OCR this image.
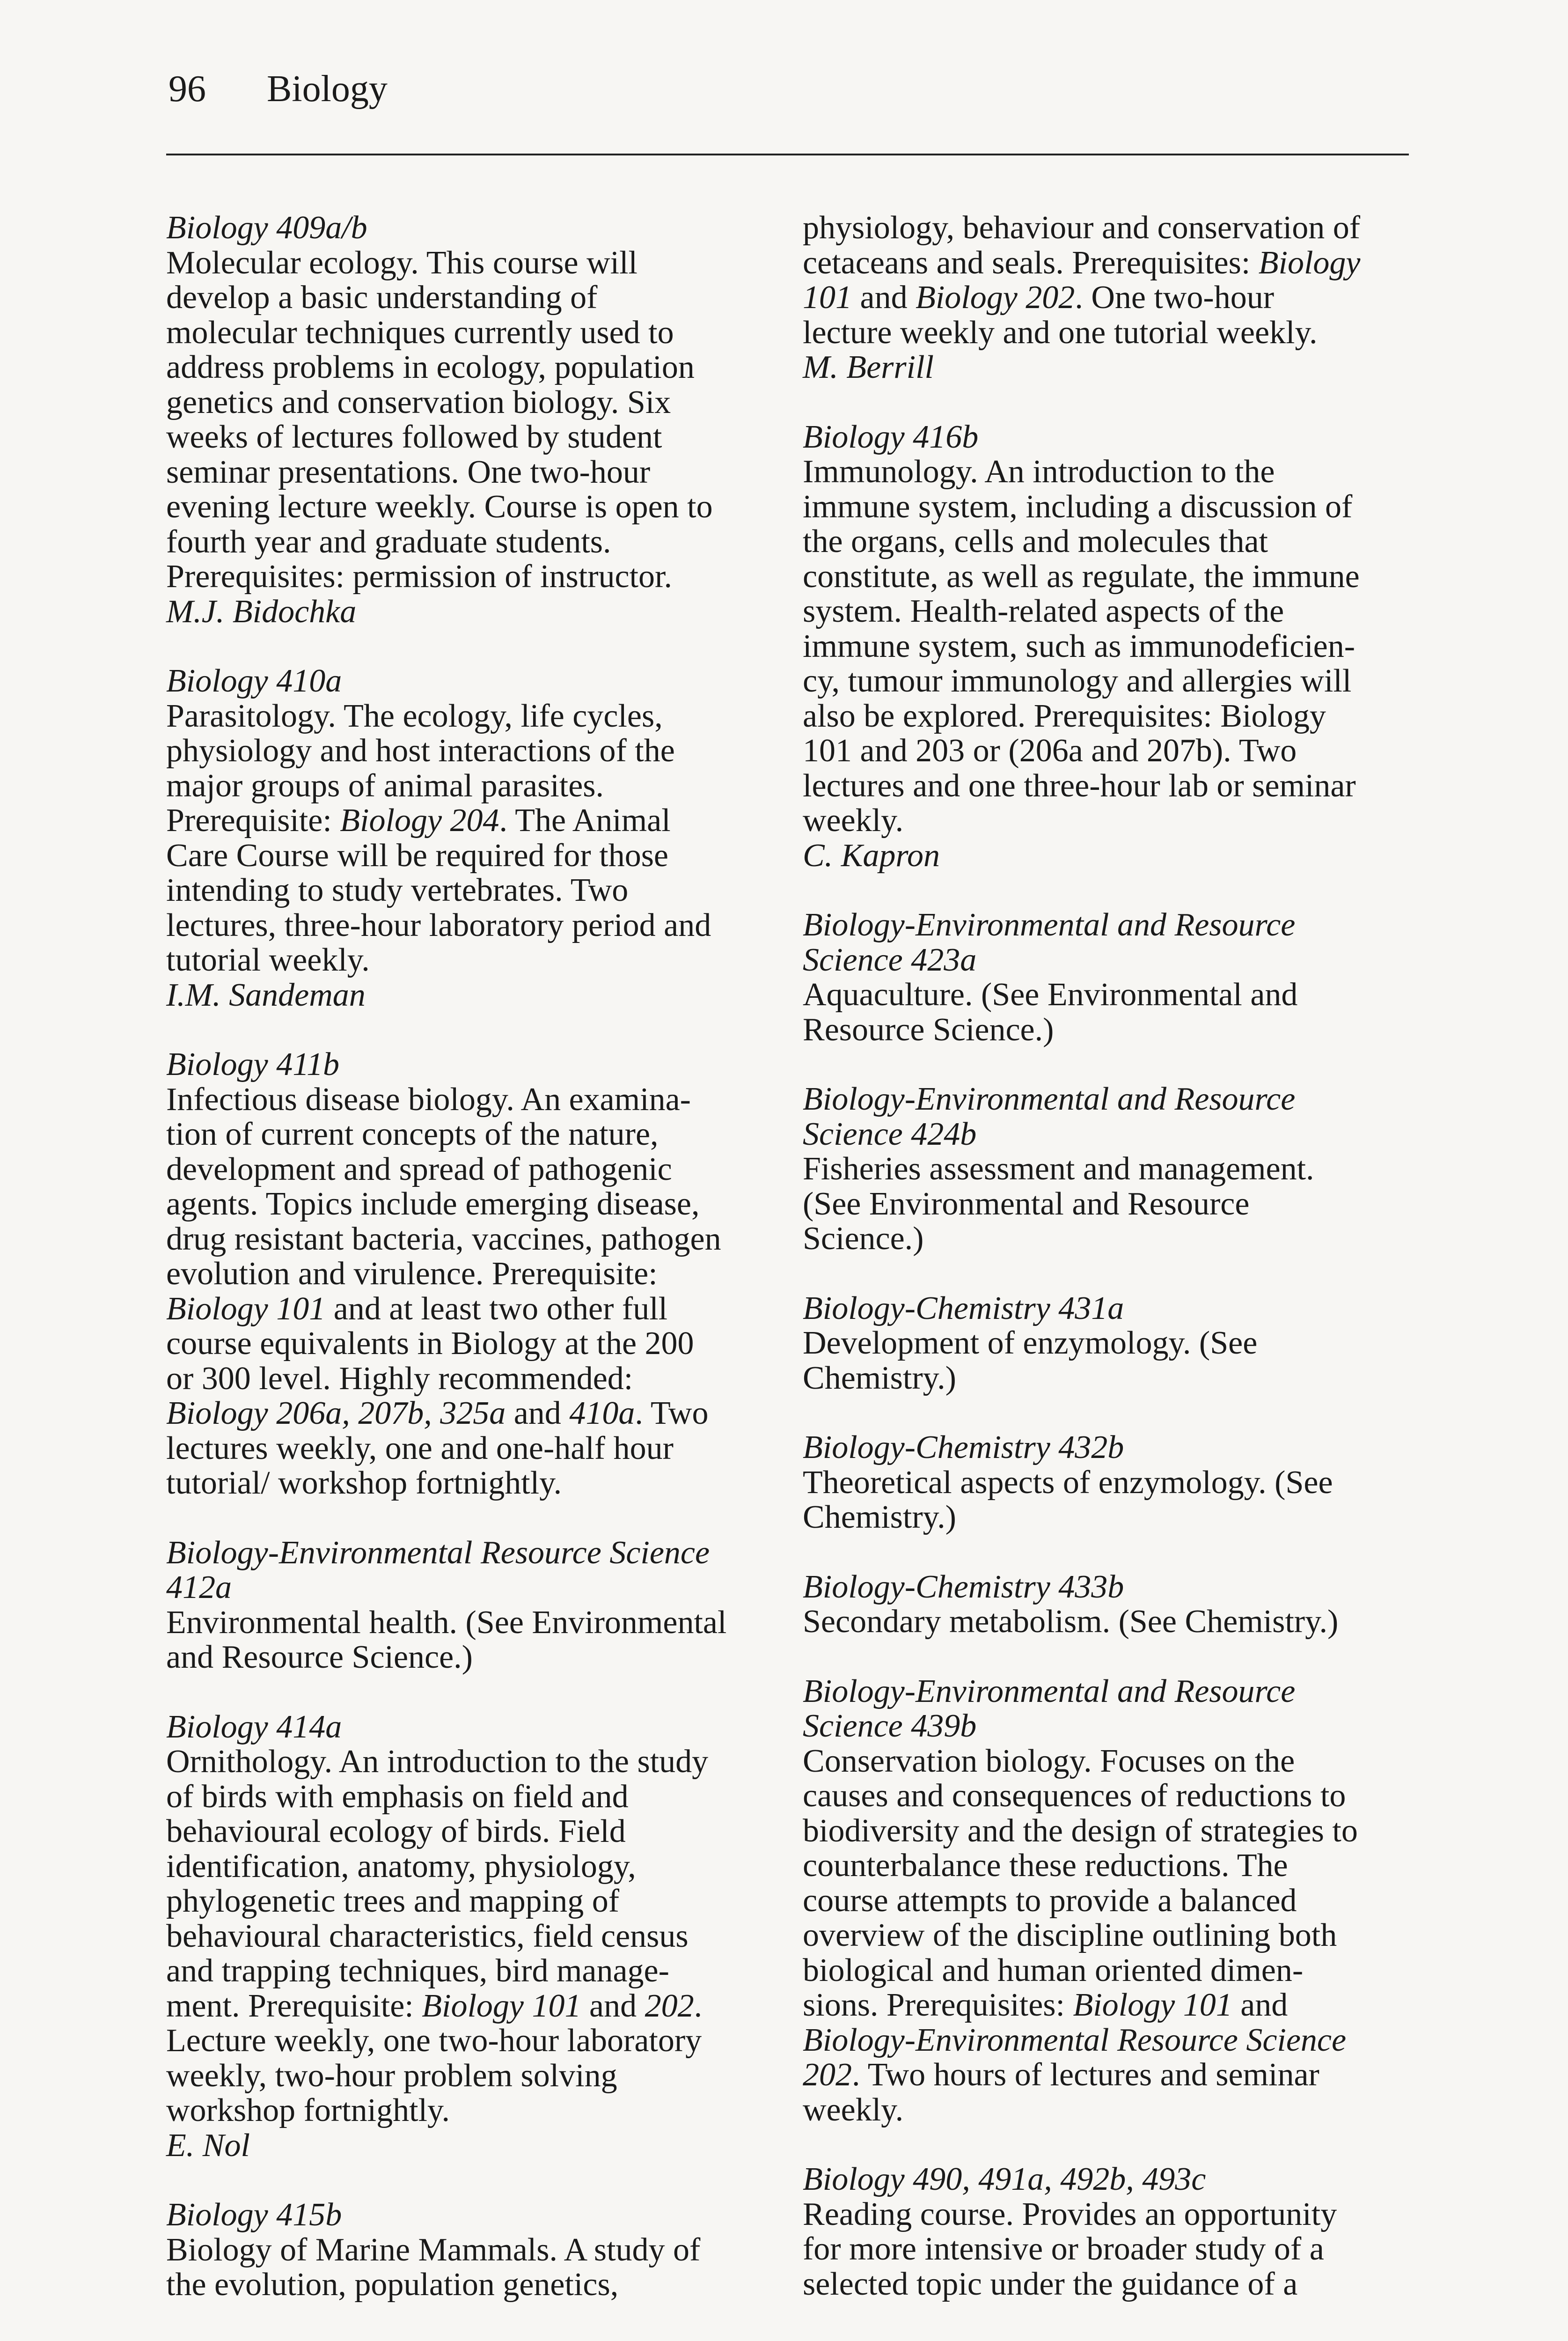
96 Biology
Biology 409a/b
Molecular ecology. This course will
develop a basic understanding of
molecular techniques currently used to
address problems in ecology, population
genetics and conservation biology. Six
weeks of lectures followed by student
seminar presentations. One two-hour
evening lecture weekly. Course is open to
fourth year and graduate students.
Prerequisites: permission of instructor.
M.J. Bidochka
Biology 410a
Parasitology. The ecology, life cycles,
physiology and host interactions of the
major groups of animal parasites.
Prerequisite: Biology 204. The Animal
Care Course will be required for those
intending to study vertebrates. Two
lectures, three-hour laboratory period and
tutorial weekly.
I.M. Sandeman
Biology 411b
Infectious disease biology. An examina-
tion of current concepts of the nature,
development and spread of pathogenic
agents. Topics include emerging disease,
drug resistant bacteria, vaccines, pathogen
evolution and virulence. Prerequisite:
Biology 101 and at least two other full
course equivalents in Biology at the 200
or 300 level. Highly recommended:
Biology 206a, 207b, 325a and 410a. Two
lectures weekly, one and one-half hour
tutorial/ workshop fortnightly.
Biology-Environmental Resource Science
412a
Environmental health. (See Environmental
and Resource Science.)
Biology 414a
Ornithology. An introduction to the study
of birds with emphasis on field and
behavioural ecology of birds. Field
identification, anatomy, physiology,
phylogenetic trees and mapping of
behavioural characteristics, field census
and trapping techniques, bird manage-
ment. Prerequisite: Biology 101 and 202.
Lecture weekly, one two-hour laboratory
weekly, two-hour problem solving
workshop fortnightly.
E. Nol
Biology 415b
Biology of Marine Mammals. A study of
the evolution, population genetics,
physiology, behaviour and conservation of
cetaceans and seals. Prerequisites: Biology
101 and Biology 202. One two-hour
lecture weekly and one tutorial weekly.
M. Berrill
Biology 416b
Immunology. An introduction to the
immune system, including a discussion of
the organs, cells and molecules that
constitute, as well as regulate, the immune
system. Health-related aspects of the
immune system, such as immunodeficien-
cy, tumour immunology and allergies will
also be explored. Prerequisites: Biology
101 and 203 or (206a and 207b). Two
lectures and one three-hour lab or seminar
weekly.
C. Kapron
Biology-Environmental and Resource
Science 423a
Aquaculture. (See Environmental and
Resource Science.)
Biology-Environmental and Resource
Science 424b
Fisheries assessment and management.
(See Environmental and Resource
Science.)
Biology-Chemistry 431a
Development of enzymology. (See
Chemistry.)
Biology-Chemistry 432b
Theoretical aspects of enzymology. (See
Chemistry.)
Biology-Chemistry 433b
Secondary metabolism. (See Chemistry.)
Biology-Environmental and Resource
Science 439b
Conservation biology. Focuses on the
causes and consequences of reductions to
biodiversity and the design of strategies to
counterbalance these reductions. The
course attempts to provide a balanced
overview of the discipline outlining both
biological and human oriented dimen-
sions. Prerequisites: Biology 101 and
Biology-Environmental Resource Science
202. Two hours of lectures and seminar
weekly.
Biology 490, 491a, 492b, 493c
Reading course. Provides an opportunity
for more intensive or broader study of a
selected topic under the guidance of a
